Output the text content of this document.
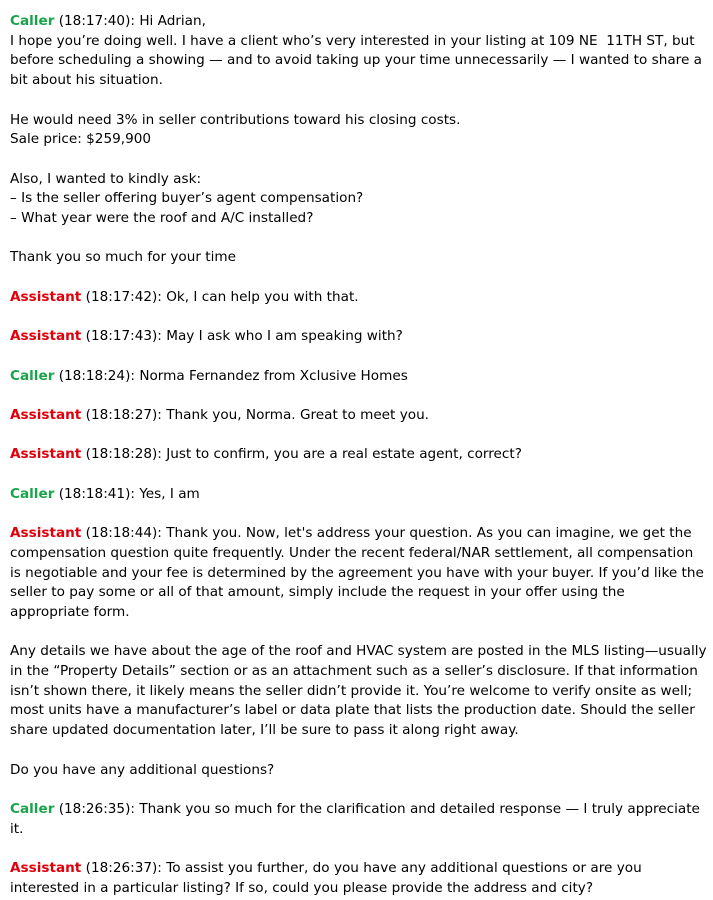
Caller (18:17:40): Hi Adrian,
I hope you’re doing well. I have a client who’s very interested in your listing at 109 NE  11TH ST, but before scheduling a showing — and to avoid taking up your time unnecessarily — I wanted to share a bit about his situation.
He would need 3% in seller contributions toward his closing costs.
Sale price: $259,900
Also, I wanted to kindly ask:
– Is the seller offering buyer’s agent compensation?
– What year were the roof and A/C installed?
Thank you so much for your time
Assistant (18:17:42): Ok, I can help you with that.
Assistant (18:17:43): May I ask who I am speaking with?
Caller (18:18:24): Norma Fernandez from Xclusive Homes
Assistant (18:18:27): Thank you, Norma. Great to meet you.
Assistant (18:18:28): Just to confirm, you are a real estate agent, correct?
Caller (18:18:41): Yes, I am
Assistant (18:18:44): Thank you. Now, let's address your question. As you can imagine, we get the compensation question quite frequently. Under the recent federal/NAR settlement, all compensation is negotiable and your fee is determined by the agreement you have with your buyer. If you’d like the seller to pay some or all of that amount, simply include the request in your offer using the appropriate form.
Any details we have about the age of the roof and HVAC system are posted in the MLS listing—usually in the “Property Details” section or as an attachment such as a seller’s disclosure. If that information isn’t shown there, it likely means the seller didn’t provide it. You’re welcome to verify onsite as well; most units have a manufacturer’s label or data plate that lists the production date. Should the seller share updated documentation later, I’ll be sure to pass it along right away.
Do you have any additional questions?
Caller (18:26:35): Thank you so much for the clarification and detailed response — I truly appreciate it.
Assistant (18:26:37): To assist you further, do you have any additional questions or are you interested in a particular listing? If so, could you please provide the address and city?
